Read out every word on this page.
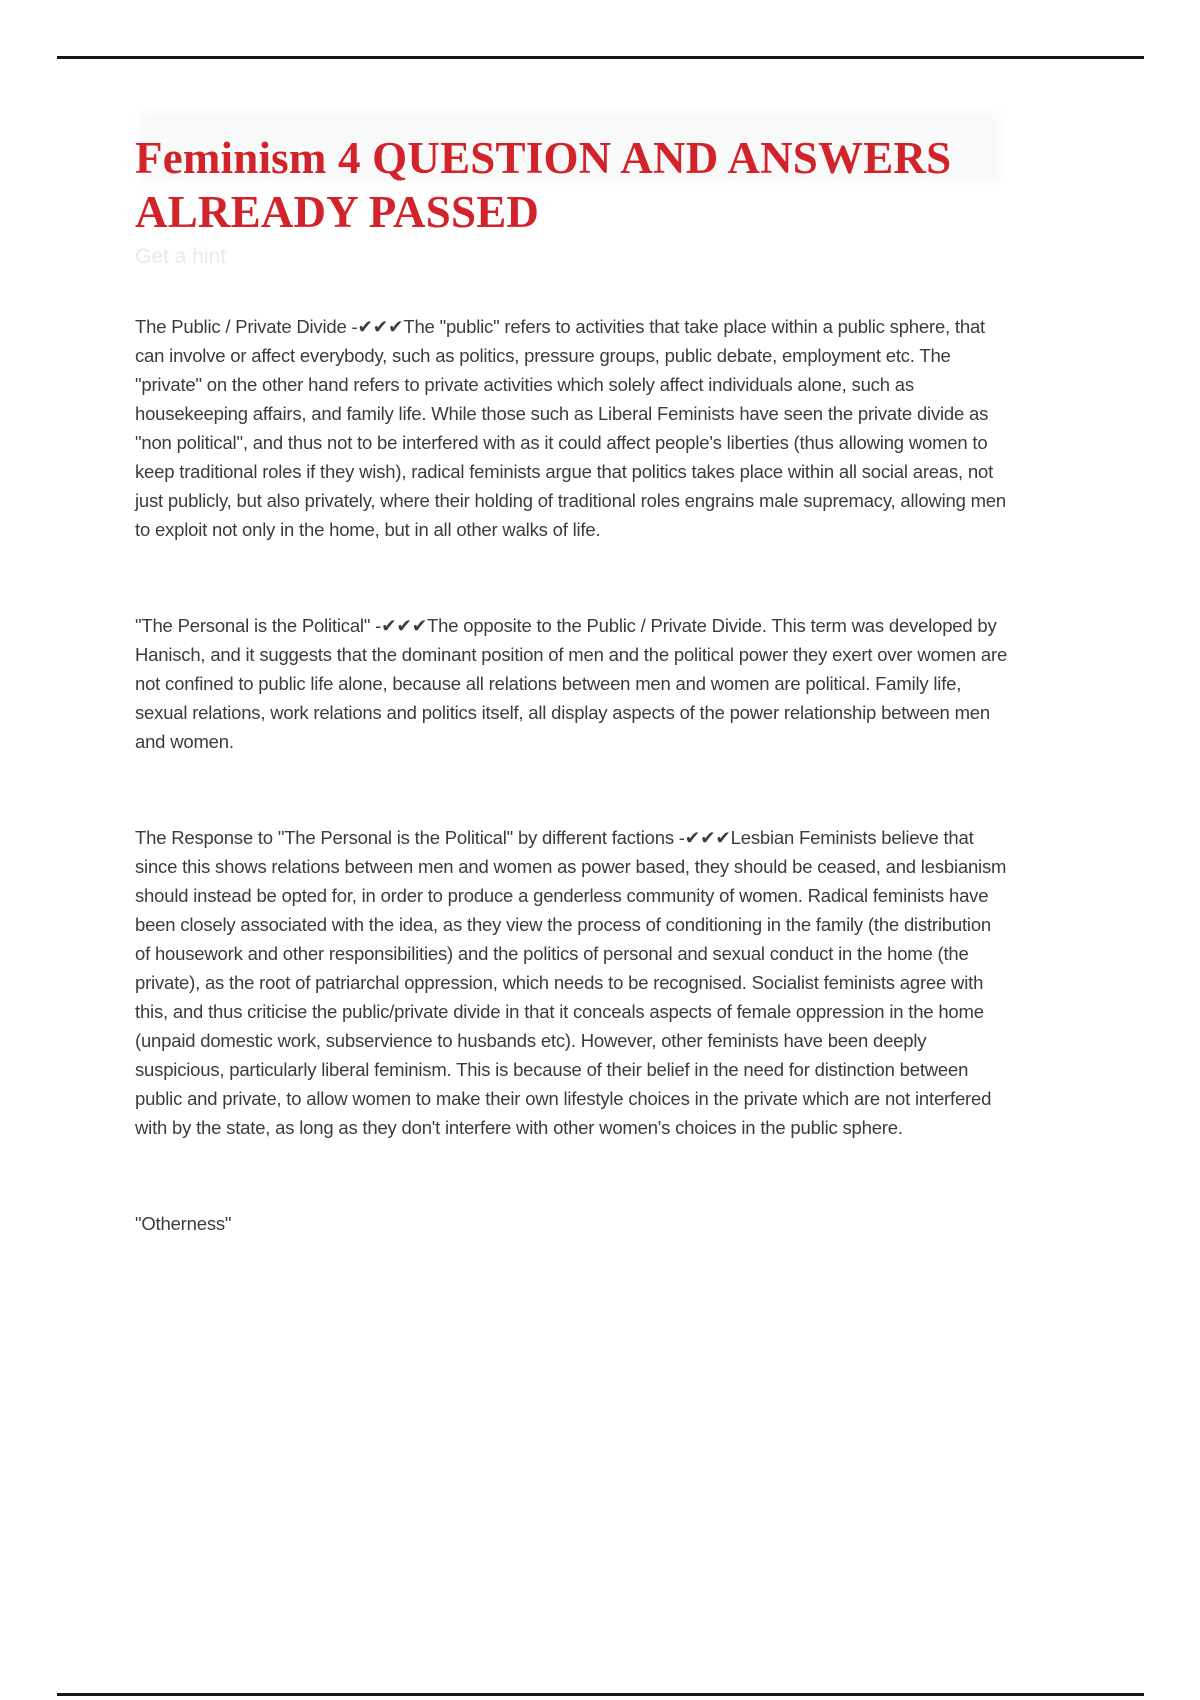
Feminism 4 QUESTION AND ANSWERS ALREADY PASSED
Get a hint

The Public / Private Divide -✔✔✔The "public" refers to activities that take place within a public sphere, that can involve or affect everybody, such as politics, pressure groups, public debate, employment etc. The "private" on the other hand refers to private activities which solely affect individuals alone, such as housekeeping affairs, and family life. While those such as Liberal Feminists have seen the private divide as "non political", and thus not to be interfered with as it could affect people's liberties (thus allowing women to keep traditional roles if they wish), radical feminists argue that politics takes place within all social areas, not just publicly, but also privately, where their holding of traditional roles engrains male supremacy, allowing men to exploit not only in the home, but in all other walks of life.

"The Personal is the Political" -✔✔✔The opposite to the Public / Private Divide. This term was developed by Hanisch, and it suggests that the dominant position of men and the political power they exert over women are not confined to public life alone, because all relations between men and women are political. Family life, sexual relations, work relations and politics itself, all display aspects of the power relationship between men and women.

The Response to "The Personal is the Political" by different factions -✔✔✔Lesbian Feminists believe that since this shows relations between men and women as power based, they should be ceased, and lesbianism should instead be opted for, in order to produce a genderless community of women. Radical feminists have been closely associated with the idea, as they view the process of conditioning in the family (the distribution of housework and other responsibilities) and the politics of personal and sexual conduct in the home (the private), as the root of patriarchal oppression, which needs to be recognised. Socialist feminists agree with this, and thus criticise the public/private divide in that it conceals aspects of female oppression in the home (unpaid domestic work, subservience to husbands etc). However, other feminists have been deeply suspicious, particularly liberal feminism. This is because of their belief in the need for distinction between public and private, to allow women to make their own lifestyle choices in the private which are not interfered with by the state, as long as they don't interfere with other women's choices in the public sphere.

"Otherness"
